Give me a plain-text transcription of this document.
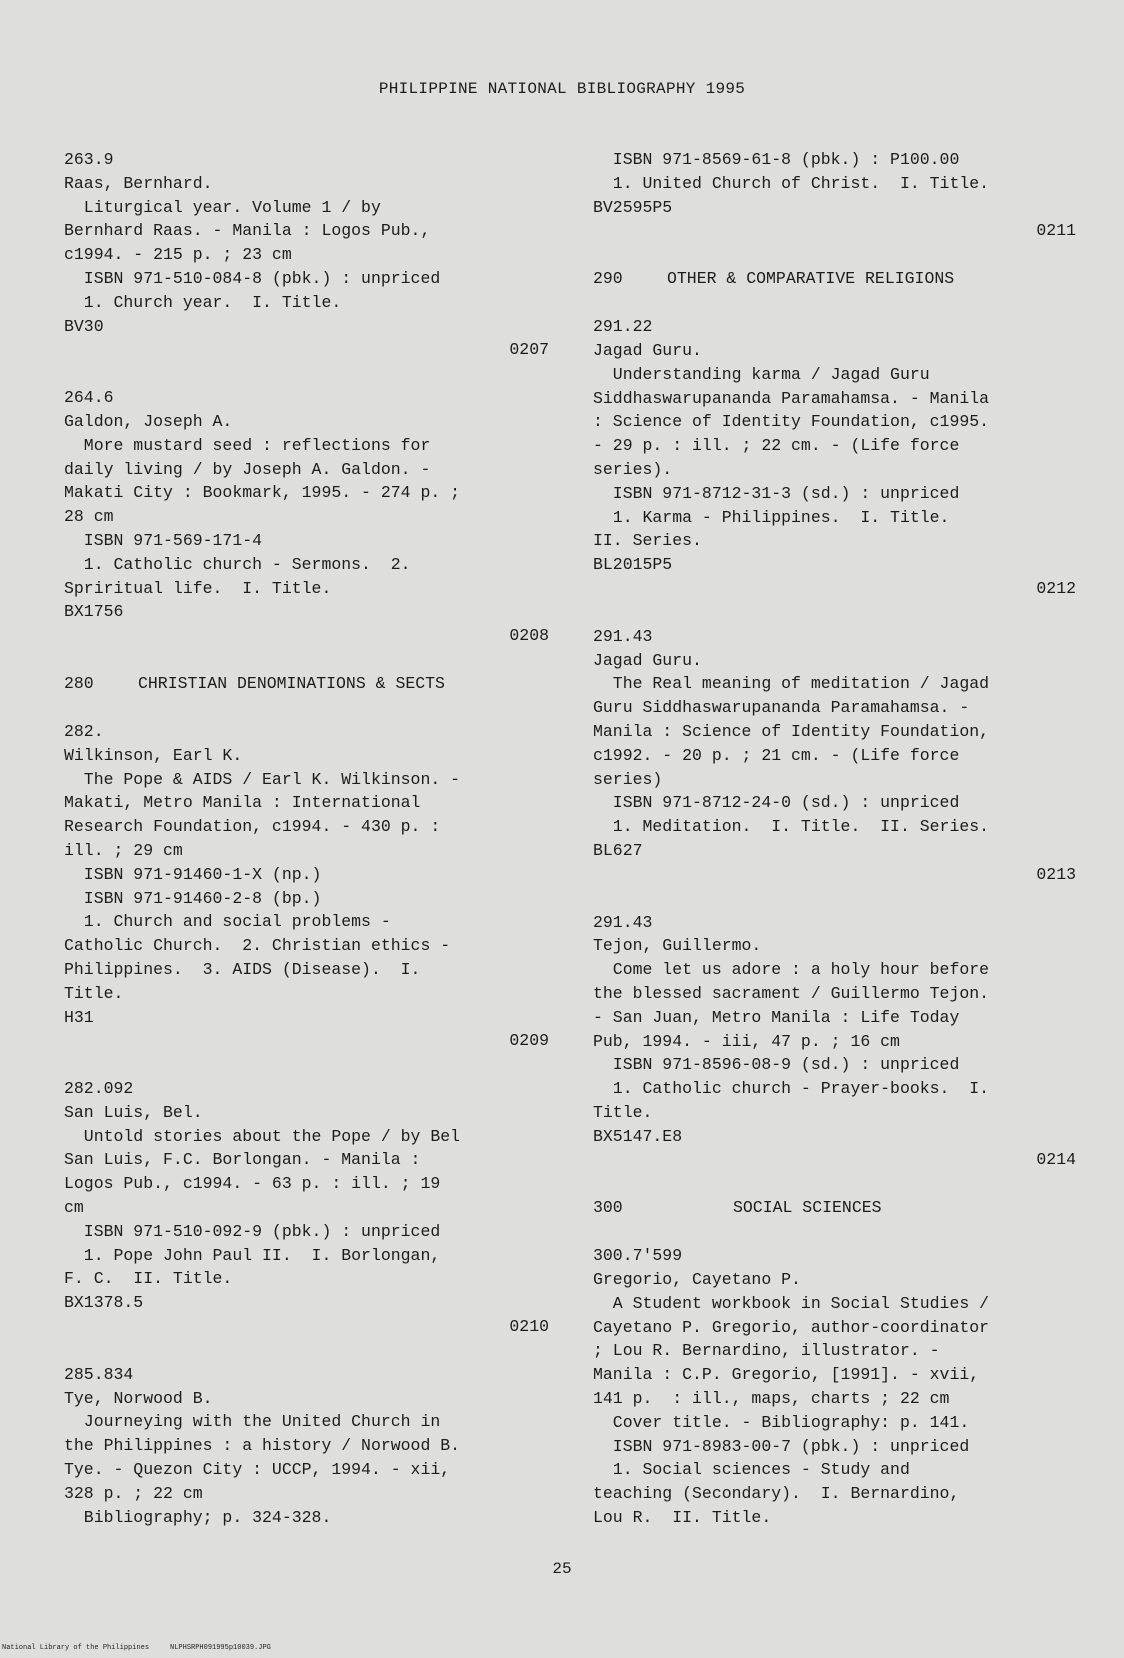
PHILIPPINE NATIONAL BIBLIOGRAPHY 1995
263.9
Raas, Bernhard.
Liturgical year. Volume 1 / by
Bernhard Raas. - Manila : Logos Pub.,
c1994. - 215 p. ; 23 cm
ISBN 971-510-084-8 (pbk.) : unpriced
1. Church year.  I. Title.
BV30
0207
264.6
Galdon, Joseph A.
More mustard seed : reflections for
daily living / by Joseph A. Galdon. -
Makati City : Bookmark, 1995. - 274 p. ;
28 cm
ISBN 971-569-171-4
1. Catholic church - Sermons.  2.
Spriritual life.  I. Title.
BX1756
0208
280	CHRISTIAN DENOMINATIONS & SECTS
282.
Wilkinson, Earl K.
The Pope & AIDS / Earl K. Wilkinson. -
Makati, Metro Manila : International
Research Foundation, c1994. - 430 p. :
ill. ; 29 cm
ISBN 971-91460-1-X (np.)
ISBN 971-91460-2-8 (bp.)
1. Church and social problems -
Catholic Church.  2. Christian ethics -
Philippines.  3. AIDS (Disease).  I.
Title.
H31
0209
282.092
San Luis, Bel.
Untold stories about the Pope / by Bel
San Luis, F.C. Borlongan. - Manila :
Logos Pub., c1994. - 63 p. : ill. ; 19
cm
ISBN 971-510-092-9 (pbk.) : unpriced
1. Pope John Paul II.  I. Borlongan,
F. C.  II. Title.
BX1378.5
0210
285.834
Tye, Norwood B.
Journeying with the United Church in
the Philippines : a history / Norwood B.
Tye. - Quezon City : UCCP, 1994. - xii,
328 p. ; 22 cm
Bibliography; p. 324-328.
ISBN 971-8569-61-8 (pbk.) : P100.00
1. United Church of Christ.  I. Title.
BV2595P5
0211
290	OTHER & COMPARATIVE RELIGIONS
291.22
Jagad Guru.
Understanding karma / Jagad Guru
Siddhaswarupananda Paramahamsa. - Manila
: Science of Identity Foundation, c1995.
- 29 p. : ill. ; 22 cm. - (Life force
series).
ISBN 971-8712-31-3 (sd.) : unpriced
1. Karma - Philippines.  I. Title.
II. Series.
BL2015P5
0212
291.43
Jagad Guru.
The Real meaning of meditation / Jagad
Guru Siddhaswarupananda Paramahamsa. -
Manila : Science of Identity Foundation,
c1992. - 20 p. ; 21 cm. - (Life force
series)
ISBN 971-8712-24-0 (sd.) : unpriced
1. Meditation.  I. Title.  II. Series.
BL627
0213
291.43
Tejon, Guillermo.
Come let us adore : a holy hour before
the blessed sacrament / Guillermo Tejon.
- San Juan, Metro Manila : Life Today
Pub, 1994. - iii, 47 p. ; 16 cm
ISBN 971-8596-08-9 (sd.) : unpriced
1. Catholic church - Prayer-books.  I.
Title.
BX5147.E8
0214
300	SOCIAL SCIENCES
300.7'599
Gregorio, Cayetano P.
A Student workbook in Social Studies /
Cayetano P. Gregorio, author-coordinator
; Lou R. Bernardino, illustrator. -
Manila : C.P. Gregorio, [1991]. - xvii,
141 p.  : ill., maps, charts ; 22 cm
Cover title. - Bibliography: p. 141.
ISBN 971-8983-00-7 (pbk.) : unpriced
1. Social sciences - Study and
teaching (Secondary).  I. Bernardino,
Lou R.  II. Title.
25
National Library of the Philippines     NLPHSRPH091995p10039.JPG
